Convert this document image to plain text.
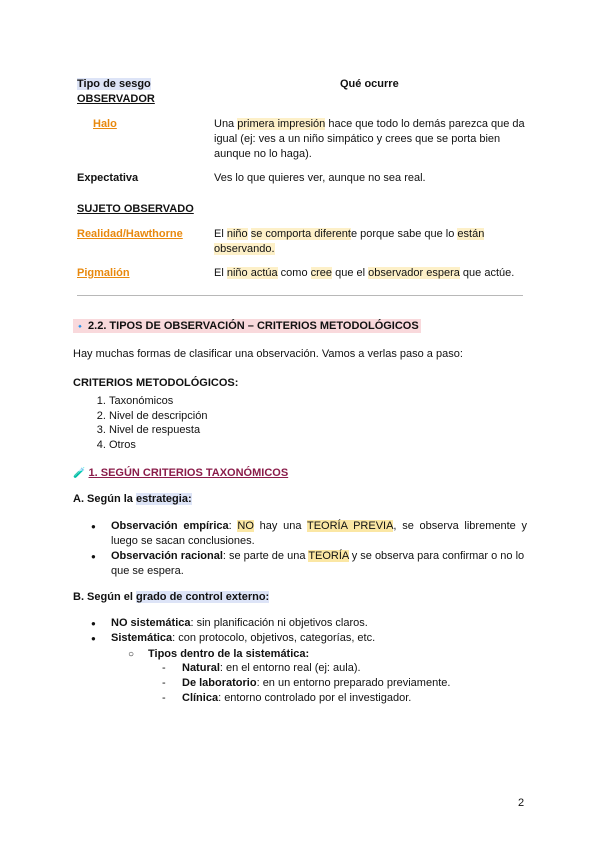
Tipo de sesgo	Qué ocurre
OBSERVADOR
Halo	Una primera impresión hace que todo lo demás parezca que da igual (ej: ves a un niño simpático y crees que se porta bien aunque no lo haga).
Expectativa	Ves lo que quieres ver, aunque no sea real.
SUJETO OBSERVADO
Realidad/Hawthorne	El niño se comporta diferente porque sabe que lo están observando.
Pigmalión	El niño actúa como cree que el observador espera que actúe.
🔹 2.2. TIPOS DE OBSERVACIÓN – CRITERIOS METODOLÓGICOS
Hay muchas formas de clasificar una observación. Vamos a verlas paso a paso:
CRITERIOS METODOLÓGICOS:
1. Taxonómicos
2. Nivel de descripción
3. Nivel de respuesta
4. Otros
🧪 1. SEGÚN CRITERIOS TAXONÓMICOS
A. Según la estrategia:
● Observación empírica: NO hay una TEORÍA PREVIA, se observa libremente y luego se sacan conclusiones.
● Observación racional: se parte de una TEORÍA y se observa para confirmar o no lo que se espera.
B. Según el grado de control externo:
● NO sistemática: sin planificación ni objetivos claros.
● Sistemática: con protocolo, objetivos, categorías, etc.
○ Tipos dentro de la sistemática:
- Natural: en el entorno real (ej: aula).
- De laboratorio: en un entorno preparado previamente.
- Clínica: entorno controlado por el investigador.
2
